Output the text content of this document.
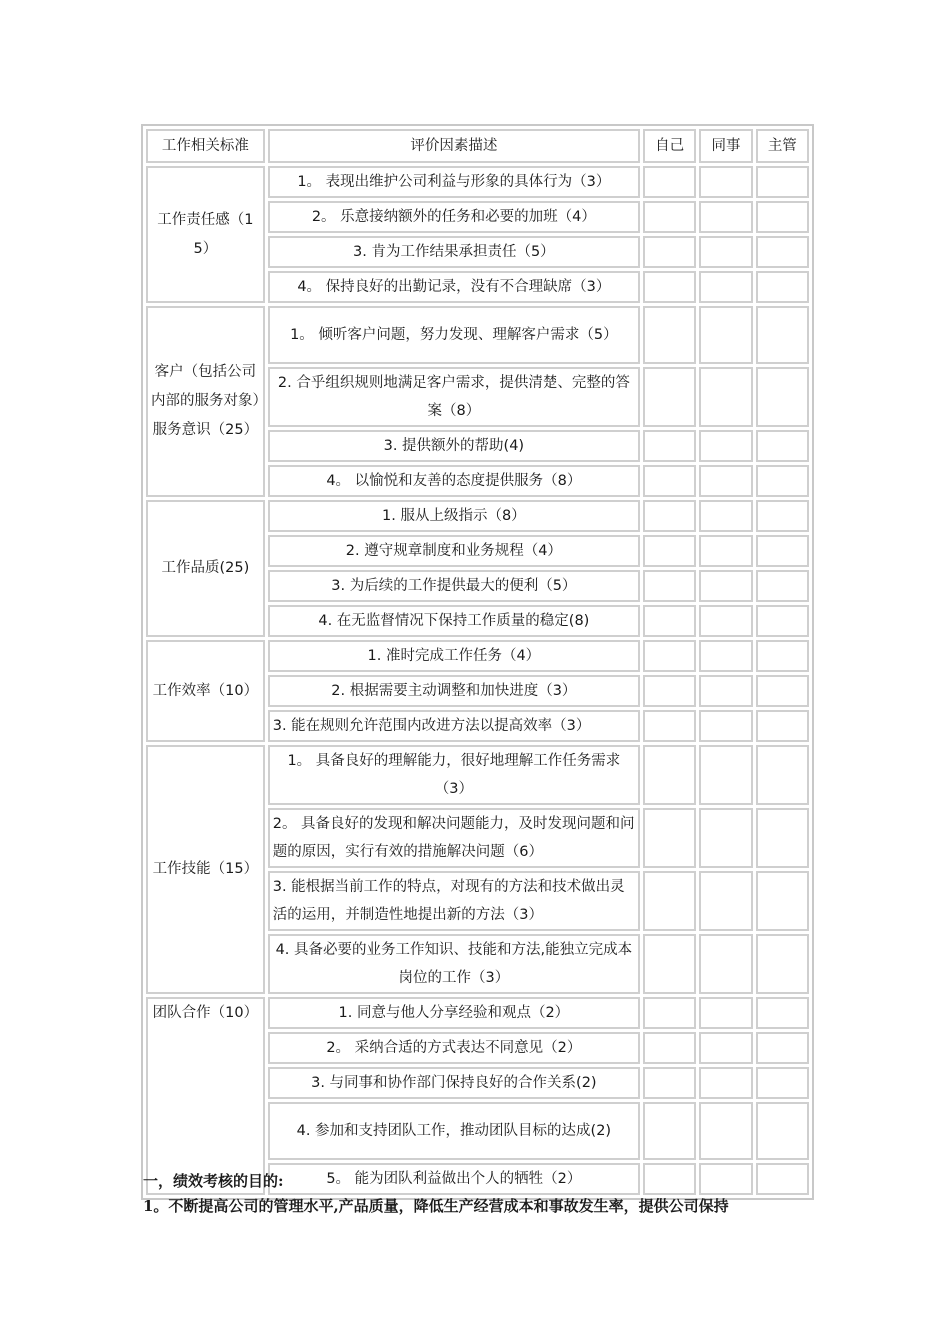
工作相关标准	评价因素描述	自己	同事	主管
工作责任感（15）	1。 表现出维护公司利益与形象的具体行为（3）			
	2。 乐意接纳额外的任务和必要的加班（4）			
	3. 肯为工作结果承担责任（5）			
	4。 保持良好的出勤记录，没有不合理缺席（3）			
客户（包括公司内部的服务对象）服务意识（25）	1。 倾听客户问题，努力发现、理解客户需求（5）			
	2. 合乎组织规则地满足客户需求，提供清楚、完整的答案（8）			
	3. 提供额外的帮助(4)			
	4。 以愉悦和友善的态度提供服务（8）			
工作品质(25)	1. 服从上级指示（8）			
	2. 遵守规章制度和业务规程（4）			
	3. 为后续的工作提供最大的便利（5）			
	4. 在无监督情况下保持工作质量的稳定(8)			
工作效率（10）	1. 准时完成工作任务（4）			
	2. 根据需要主动调整和加快进度（3）			
	3. 能在规则允许范围内改进方法以提高效率（3）			
工作技能（15）	1。 具备良好的理解能力，很好地理解工作任务需求（3）			
	2。 具备良好的发现和解决问题能力，及时发现问题和问题的原因，实行有效的措施解决问题（6）			
	3. 能根据当前工作的特点，对现有的方法和技术做出灵活的运用，并制造性地提出新的方法（3）			
	4. 具备必要的业务工作知识、技能和方法,能独立完成本岗位的工作（3）			
团队合作（10）	1. 同意与他人分享经验和观点（2）			
	2。 采纳合适的方式表达不同意见（2）			
	3. 与同事和协作部门保持良好的合作关系(2)			
	4. 参加和支持团队工作，推动团队目标的达成(2)			
	5。 能为团队利益做出个人的牺牲（2）			
一，绩效考核的目的:
1。不断提高公司的管理水平,产品质量，降低生产经营成本和事故发生率，提供公司保持
